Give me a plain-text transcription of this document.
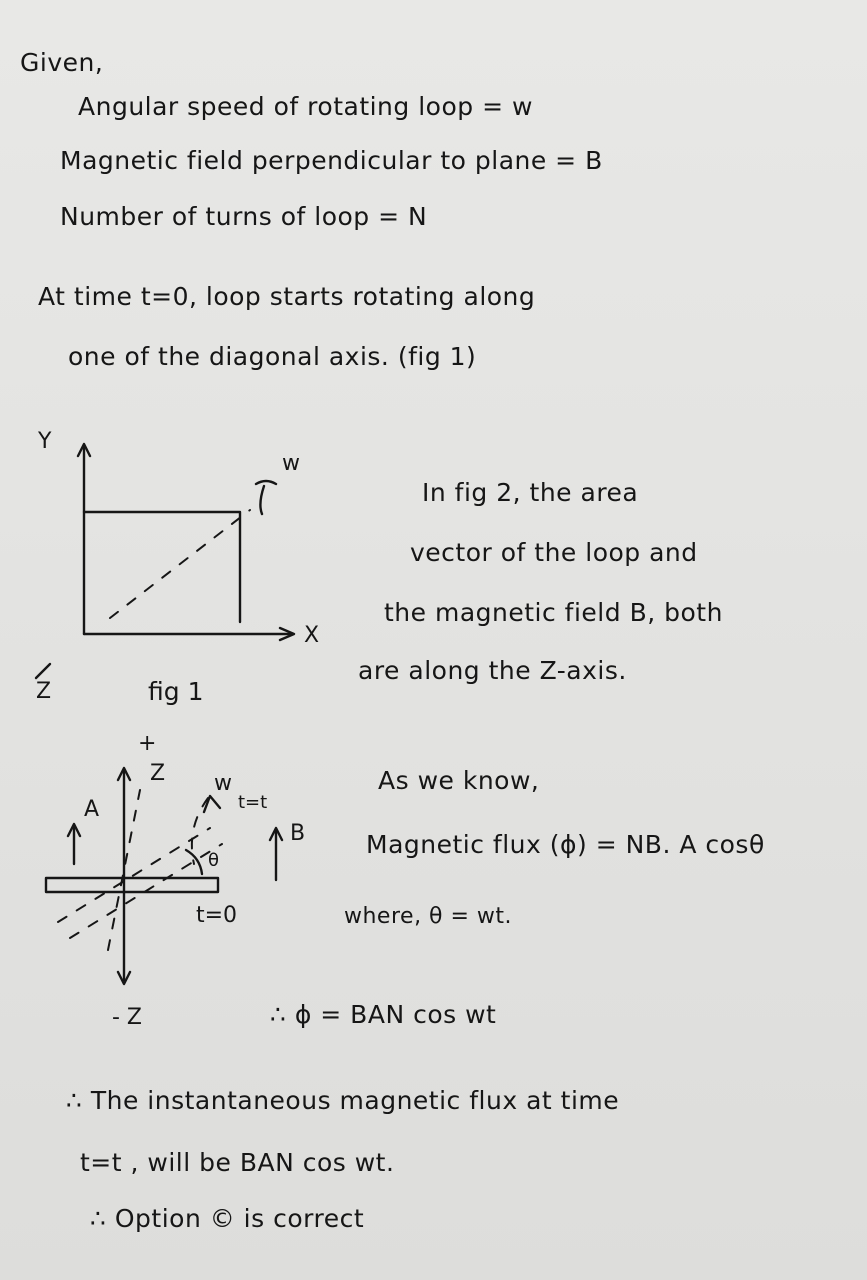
Given,
Angular speed of rotating loop = w
Magnetic field perpendicular to plane = B
Number of turns of loop = N
At time t=0, loop starts rotating along
one of the diagonal axis. (fig 1)
Y
X
Z
w
fig 1
+
Z
A
w
t=t
B
θ
t=0
- Z
In fig 2, the area
vector of the loop and
the magnetic field B, both
are along the Z-axis.
As we know,
Magnetic flux (ϕ) = NB. A cosθ
where, θ = wt.
∴ ϕ = BAN cos wt
∴ The instantaneous magnetic flux at time
t=t , will be BAN cos wt.
∴ Option © is correct
